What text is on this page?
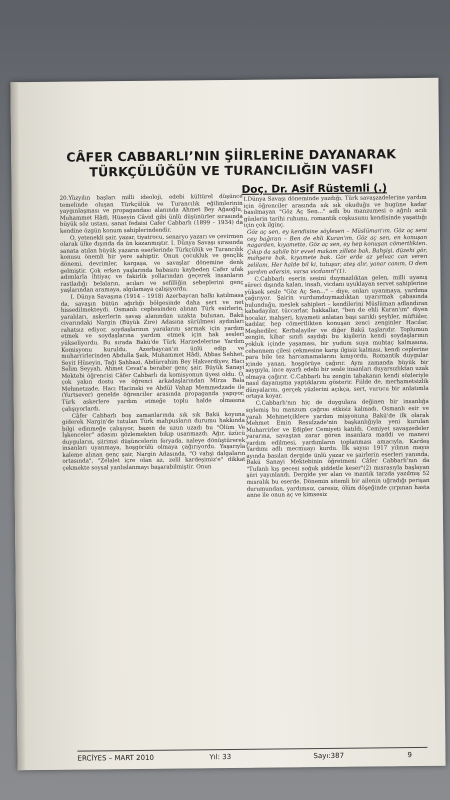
CÂFER CABBARLI’NIN ŞİİRLERİNE DAYANARAK TÜRKÇÜLÜĞÜN VE TURANCILIĞIN VASFI
Doç. Dr. Asif Rüstemli (.)

20.Yüzyılın başları milli ideoloji, edebi kültürel düşünce temelinde oluşan Türkçülük ve Turancılık eğilimlerinin yaygınlaşması ve propagandası alanında Ahmet Bey Ağaoğlu, Muhammet Hâdi, Hüseyin Câvid gibi ünlü düşünürler sırasında büyük söz ustası, sanat fedaisi Cafer Cabbarlı (1899 – 1934) da kendine özgün konum sahiplerindendir.

O, yetenekli şair, yazar, tiyatrocu, senaryo yazarı ve çevirmen olarak ülke dışında da ün kazanmıştır. I. Dünya Savaşı sırasında sanata atılan büyük yazarın eserlerinde Türkçülük ve Turancılık konusu önemli bir yere sahiptir. Onun çocukluk ve gençlik dönemi, devrimler, kargaşa, ve savaşlar dönemine denk gelmiştir. Çok erken yaşlarında babasını kaybeden Cafer ufak adımlarla ihtiyaç ve fakirlik yollarından geçerek insanların rastladığı belaların, acıları ve sefilliğin sebeplerini genç yaşlarından aramaya, algılamaya çalışıyordu.

I. Dünya Savaşına (1914 – 1918) Azerbaycan halkı katılmasa da, savaşın bütün ağırlığı bölgesinde daha sert ve net hissedilmekteydi. Osmanlı cephesinden alınan Türk esirlerin, yaralıları, askerlerin savaş alanından uzakta bulunan, Bakü civarındaki Nargin (Büyük Zire) Adasına sürülmesi aydınları rahatsız ediyor, soydaşlarının yaralarını sarmak için yardım etmek ve soydaşlarına yardım etmek için hak sesleri yükseliyordu. Bu sırada Bakü'de Türk Harzedelerine Yardım Komisyonu kuruldu. Azerbaycan'ın ünlü edip ve muharrirlerinden Abdulla Şaik, Muhammet Hâdi, Abbas Sehhet, Seyit Hüseyin, Taği Şahbazi, Abdürrahim Bey Hakverdiyev, Hacı Selim Seyyah, Ahmet Cevat'a beraber genç şair, Büyük Sanayi Mektebi öğrencisi Câfer Cabbarlı da komisyonun üyesi oldu. O, çok yakın dostu ve öğrenci arkadaşlarından Mirza Bala Mehmetzade, Hacı Hacinski ve Abdül Vahap Memmedzade ile (Yurtsever) genelde öğrenciler arasında propaganda yapıyor, Türk askerlere yardım etmeğe toplu halde olmasına çalışıyorlardı.

Câfer Cabbarlı boş zamanlarında sık sık Bakü koyuna giderek Nargin'de tutulan Türk mahpusların durumu hakkında bilgi edinmeğe çalışıyor, bazen de uzun uzadı bu "Ölüm Ve İşkenceler" adasını gözlemekten bıkıp usanmazdı. Ağır, üzücü duyguların, şiirimsi düşüncelerin feryada, naleye dönüştürerek insanları uyanmaya, hoşgörülü olmaya çağırıyordu. Yaşarıyla kaleme alınan genç şair, Nargin Adasında, "O vahşi dalgaların ortasında", "Zelalet içre olan az, zelil kardeşimiz'e" dikkat çekmekte soysal yanlıslanmayı başarabilmiştir. Onun

I.Dünya Savaşı döneminde yazdığı, Türk savaşzadelerine yardım için öğrenciler arasında sık sık okuduğu ve bugüne kadar basılmayan "Göz Aç Sen..." adlı bu manzumesi o ağrılı acılı günlerin tarihi ruhunu, romantik coşkusunu kendisinde yaşattığı için çok ilginç.

Göz aç sen, ey kendisine söylesen – Müslüman'ım. Göz aç seni cey bağıran – Ben de ehli Kuran'ım. Göz aç sen, en konuşan nagarden, kıyamette, Göz aç sen, ey hep konuşan cömertlikten. Çıkıp da sahile bir evvel makam zillete bak, Bahşişi, düzehi gör, mahşere bak, kıyamete bak. Gör erde az yelvac can veren zelilanı, Her halde bil ki, tutuşur, ateş alır, yanar canım, O dem yardım edersin, varsa vicdanın"(1).

C.Cabbarlı eserin sesini duymazlıktan gelen, milli uyanış süreci dışında kalan, insafı, vicdanı uyuklayan servet sahiplerine yüksek sesle "Göz Aç Sen..." – diye, onları uyanmaya, yardıma çağırıyor. Şairin vurdumduymazlıktan uyarırmak çabasında bulunduğu, meslek sahipleri – kendilerini Müslüman adlandıran kabadayılar, tüccarlar, bakkallar, "ben de ehli Kuran'ım" diyen hocalar, mahşeri, kıyameti anlatan başı sarıklı şeyhler, müftüler, kadılar, hep cömertlikten konuşan zenci zenginler Hacılar, Meşhediler, Kerbalayiler ve diğer Bakü taşlarıdır. Toplumun zengin, kibar sınıfı saydığı bu kişilerin kendi soydaşlarının yokluk içinde yaşaması, bir yudum suya muhtaç kalmasına, cehennem çilesi çekmesine karşı ilgisiz kalması, kendi ceplerine para bile tez harcamamalarını kınıyordu. Romantik duygular içinde yanan, hoşgörüye çağırır. Aynı zamanda büyük bir saygıyla, ince ayarlı edebi bir sesle insanları duyarsızlıktan uzak olmaya çağırır. C.Cabbarlı bu zengin tabakanın kendi sözleriyle nasıl dayanışma yaptıklarını gösterir. Fiilde de, merhametsizlik dünyalarını, gerçek yüzlerini açıkça, sert, vurucu bir anlatımla ortaya koyar.

C.Cabbarlı'nın hiç de duygulara değinen bir insanlığa sıylemiş bu manzum çağrısı etkisiz kalmadı. Osmanlı esir ve yaralı Mehmetçiklere yardım misyonuna Bakü'de ilk olarak Mehmet Emin Resulzade'nin başkanlığıyla yeni kurulan Muharrirler ve Edipler Cemiyeti katıldı. Cemiyet savaşzedeler yararına, savaştan zarar gören insanlara maddi ve manevi yardım edilmesi, yardımların toplanması amacıyla, Kardeş Yardımı adlı mecmuayı kurdu. İlk sayısı 1917 yılının mayıs ayında basılan dergide ünlü yazar ve şairlerin eserleri yanında, Bakü Sanayi Mektebinin öğretmeni Câfer Cabbarlı'nın da "Tufanlı kış gecesi soğuk şiddetle keser"(2) mısrasıyla başlayan şiiri yayınlandı. Dergide yer alan ve mantık tarzda yazılmış 52 mısralık bu eserde, Dönemin sitemli bir ailenin uğradığı perişan durumundan, yardımsız, çaresiz, ölüm döşeğinde çırpınan hasta anne ile onun aç ve kimsesiz

ERCİYES – MART 2010	Yıl: 33	Sayı:387	9
